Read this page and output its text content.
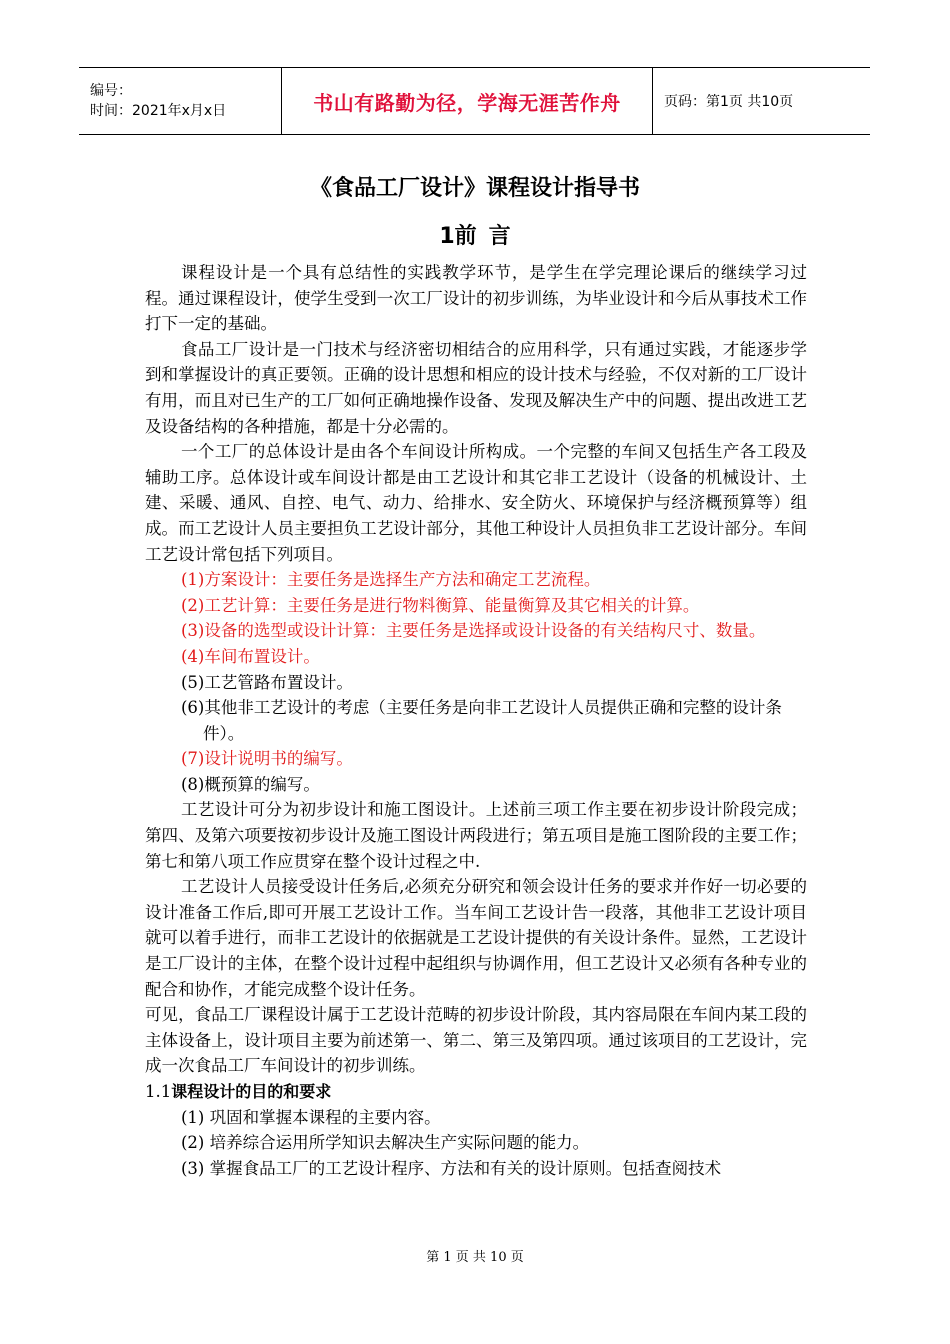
编号：
时间：2021年x月x日	书山有路勤为径，学海无涯苦作舟	页码：第1页 共10页
《食品工厂设计》课程设计指导书
1前 言

课程设计是一个具有总结性的实践教学环节，是学生在学完理论课后的继续学习过程。通过课程设计，使学生受到一次工厂设计的初步训练，为毕业设计和今后从事技术工作打下一定的基础。

食品工厂设计是一门技术与经济密切相结合的应用科学，只有通过实践，才能逐步学到和掌握设计的真正要领。正确的设计思想和相应的设计技术与经验，不仅对新的工厂设计有用，而且对已生产的工厂如何正确地操作设备、发现及解决生产中的问题、提出改进工艺及设备结构的各种措施，都是十分必需的。

一个工厂的总体设计是由各个车间设计所构成。一个完整的车间又包括生产各工段及辅助工序。总体设计或车间设计都是由工艺设计和其它非工艺设计（设备的机械设计、土建、采暖、通风、自控、电气、动力、给排水、安全防火、环境保护与经济概预算等）组成。而工艺设计人员主要担负工艺设计部分，其他工种设计人员担负非工艺设计部分。车间工艺设计常包括下列项目。

(1)方案设计：主要任务是选择生产方法和确定工艺流程。
(2)工艺计算：主要任务是进行物料衡算、能量衡算及其它相关的计算。
(3)设备的选型或设计计算：主要任务是选择或设计设备的有关结构尺寸、数量。
(4)车间布置设计。
(5)工艺管路布置设计。
(6)其他非工艺设计的考虑（主要任务是向非工艺设计人员提供正确和完整的设计条件）。
(7)设计说明书的编写。
(8)概预算的编写。

工艺设计可分为初步设计和施工图设计。上述前三项工作主要在初步设计阶段完成；第四、及第六项要按初步设计及施工图设计两段进行；第五项目是施工图阶段的主要工作；第七和第八项工作应贯穿在整个设计过程之中.

工艺设计人员接受设计任务后,必须充分研究和领会设计任务的要求并作好一切必要的设计准备工作后,即可开展工艺设计工作。当车间工艺设计告一段落，其他非工艺设计项目就可以着手进行，而非工艺设计的依据就是工艺设计提供的有关设计条件。显然，工艺设计是工厂设计的主体，在整个设计过程中起组织与协调作用，但工艺设计又必须有各种专业的配合和协作，才能完成整个设计任务。

可见，食品工厂课程设计属于工艺设计范畴的初步设计阶段，其内容局限在车间内某工段的主体设备上，设计项目主要为前述第一、第二、第三及第四项。通过该项目的工艺设计，完成一次食品工厂车间设计的初步训练。

1.1课程设计的目的和要求

(1) 巩固和掌握本课程的主要内容。
(2) 培养综合运用所学知识去解决生产实际问题的能力。
(3) 掌握食品工厂的工艺设计程序、方法和有关的设计原则。包括查阅技术
第 1 页 共 10 页
